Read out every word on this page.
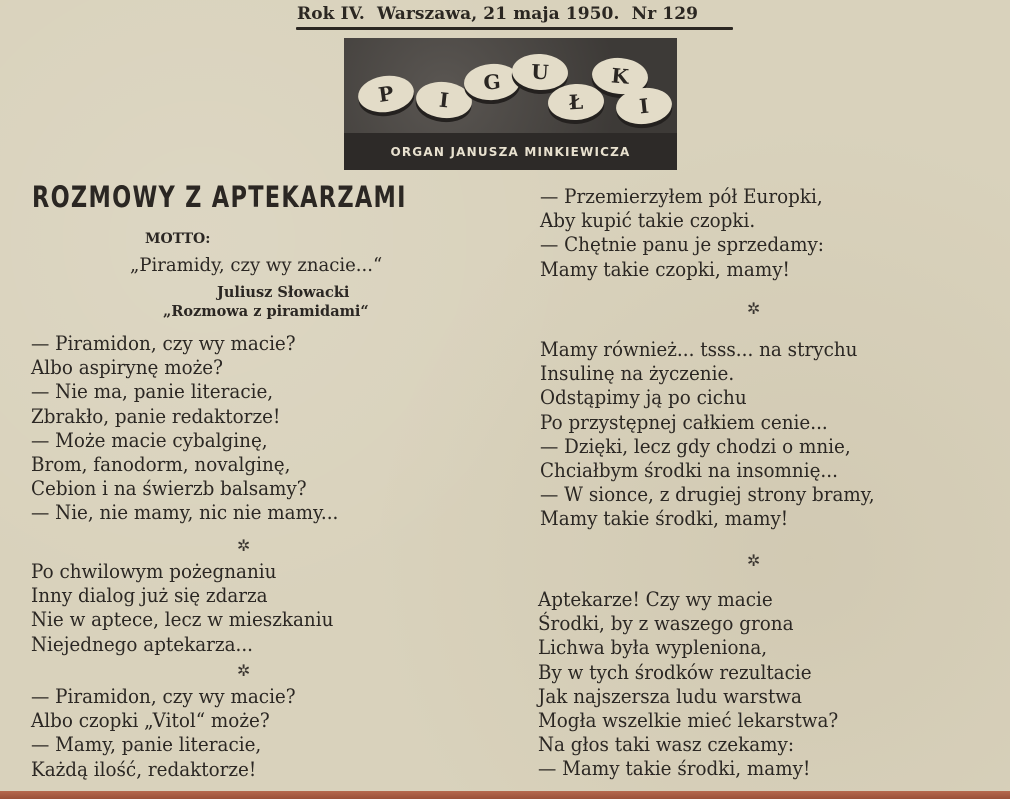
Rok IV. Warszawa, 21 maja 1950. Nr 129
P	I
G	U
Ł
K
I
ORGAN JANUSZA MINKIEWICZA
ROZMOWY Z APTEKARZAMI
MOTTO:
„Piramidy, czy wy znacie...“
Juliusz Słowacki
„Rozmowa z piramidami“
— Piramidon, czy wy macie?
Albo aspirynę może?
— Nie ma, panie literacie,
Zbrakło, panie redaktorze!
— Może macie cybalginę,
Brom, fanodorm, novalginę,
Cebion i na świerzb balsamy?
— Nie, nie mamy, nic nie mamy...
✲
Po chwilowym pożegnaniu
Inny dialog już się zdarza
Nie w aptece, lecz w mieszkaniu
Niejednego aptekarza...
✲
— Piramidon, czy wy macie?
Albo czopki „Vitol“ może?
— Mamy, panie literacie,
Każdą ilość, redaktorze!
— Przemierzyłem pół Europki,
Aby kupić takie czopki.
— Chętnie panu je sprzedamy:
Mamy takie czopki, mamy!
✲
Mamy również... tsss... na strychu
Insulinę na życzenie.
Odstąpimy ją po cichu
Po przystępnej całkiem cenie...
— Dzięki, lecz gdy chodzi o mnie,
Chciałbym środki na insomnię...
— W sionce, z drugiej strony bramy,
Mamy takie środki, mamy!
✲
Aptekarze! Czy wy macie
Środki, by z waszego grona
Lichwa była wypleniona,
By w tych środków rezultacie
Jak najszersza ludu warstwa
Mogła wszelkie mieć lekarstwa?
Na głos taki wasz czekamy:
— Mamy takie środki, mamy!
